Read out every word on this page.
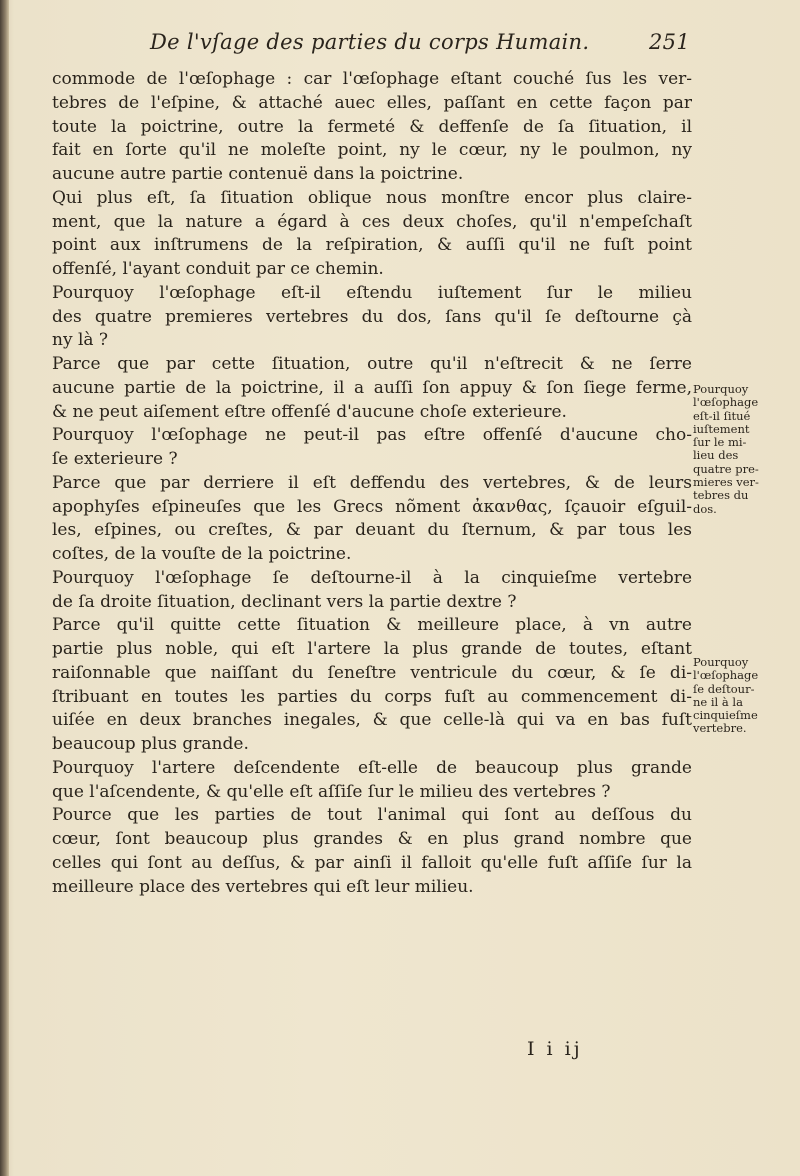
De l'vſage des parties du corps Humain.	251
commode de l'œſophage : car l'œſophage eſtant couché ſus les ver-
tebres de l'eſpine, & attaché auec elles, paſſant en cette façon par
toute la poictrine, outre la fermeté & deffenſe de ſa ſituation, il
fait en ſorte qu'il ne moleſte point, ny le cœur, ny le poulmon, ny
aucune autre partie contenuë dans la poictrine.
Qui plus eſt, ſa ſituation oblique nous monſtre encor plus claire-
ment, que la nature a égard à ces deux choſes, qu'il n'empeſchaſt
point aux inſtrumens de la reſpiration, & auſſi qu'il ne fuſt point
offenſé, l'ayant conduit par ce chemin.
Pourquoy l'œſophage eſt-il eſtendu iuſtement ſur le milieu
des quatre premieres vertebres du dos, ſans qu'il ſe deſtourne çà
ny là ?
Parce que par cette ſituation, outre qu'il n'eſtrecit & ne ſerre
aucune partie de la poictrine, il a auſſi ſon appuy & ſon ſiege ferme,
& ne peut aiſement eſtre offenſé d'aucune choſe exterieure.
Pourquoy l'œſophage ne peut-il pas eſtre offenſé d'aucune cho-
ſe exterieure ?
Parce que par derriere il eſt deffendu des vertebres, & de leurs
apophyſes eſpineuſes que les Grecs nõment ἀκανθας, ſçauoir eſguil-
les, eſpines, ou creſtes, & par deuant du ſternum, & par tous les
coſtes, de la vouſte de la poictrine.
Pourquoy l'œſophage ſe deſtourne-il à la cinquieſme vertebre
de ſa droite ſituation, declinant vers la partie dextre ?
Parce qu'il quitte cette ſituation & meilleure place, à vn autre
partie plus noble, qui eſt l'artere la plus grande de toutes, eſtant
raiſonnable que naiſſant du ſeneſtre ventricule du cœur, & ſe di-
ſtribuant en toutes les parties du corps fuſt au commencement di-
uiſée en deux branches inegales, & que celle-là qui va en bas fuſt
beaucoup plus grande.
Pourquoy l'artere deſcendente eſt-elle de beaucoup plus grande
que l'aſcendente, & qu'elle eſt aſſiſe ſur le milieu des vertebres ?
Pource que les parties de tout l'animal qui ſont au deſſous du
cœur, ſont beaucoup plus grandes & en plus grand nombre que
celles qui ſont au deſſus, & par ainſi il falloit qu'elle fuſt aſſiſe ſur la
meilleure place des vertebres qui eſt leur milieu.
Pourquoy
l'œſophage
eſt-il ſitué
iuſtement
ſur le mi-
lieu des
quatre pre-
mieres ver-
tebres du
dos.
Pourquoy
l'œſophage
ſe deſtour-
ne il à la
cinquieſme
vertebre.
I i ij
